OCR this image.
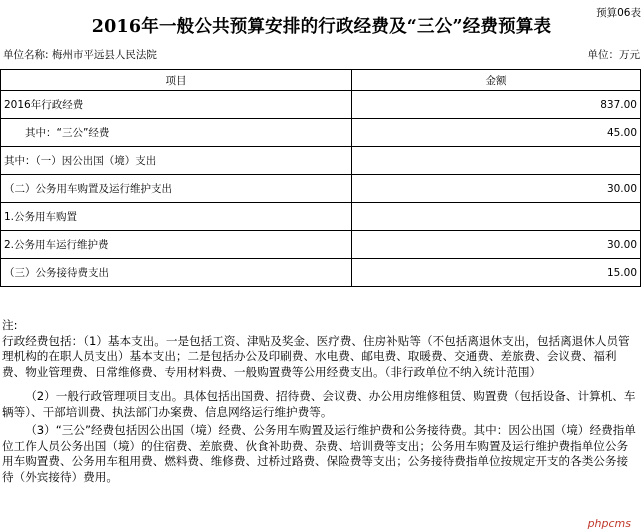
预算06表
2016年一般公共预算安排的行政经费及“三公”经费预算表
单位名称: 梅州市平远县人民法院	单位：万元
项目	金额
2016年行政经费	837.00
其中：“三公”经费	45.00
其中：（一）因公出国（境）支出	
（二）公务用车购置及运行维护支出	30.00
1.公务用车购置	
2.公务用车运行维护费	30.00
（三）公务接待费支出	15.00

注:

行政经费包括：（1）基本支出。一是包括工资、津贴及奖金、医疗费、住房补贴等（不包括离退休支出，包括离退休人员管理机构的在职人员支出）基本支出；二是包括办公及印刷费、水电费、邮电费、取暖费、交通费、差旅费、会议费、福利费、物业管理费、日常维修费、专用材料费、一般购置费等公用经费支出。（非行政单位不纳入统计范围）

（2）一般行政管理项目支出。具体包括出国费、招待费、会议费、办公用房维修租赁、购置费（包括设备、计算机、车辆等）、干部培训费、执法部门办案费、信息网络运行维护费等。

（3）“三公”经费包括因公出国（境）经费、公务用车购置及运行维护费和公务接待费。其中：因公出国（境）经费指单位工作人员公务出国（境）的住宿费、差旅费、伙食补助费、杂费、培训费等支出；公务用车购置及运行维护费指单位公务用车购置费、公务用车租用费、燃料费、维修费、过桥过路费、保险费等支出；公务接待费指单位按规定开支的各类公务接待（外宾接待）费用。

phpcms
